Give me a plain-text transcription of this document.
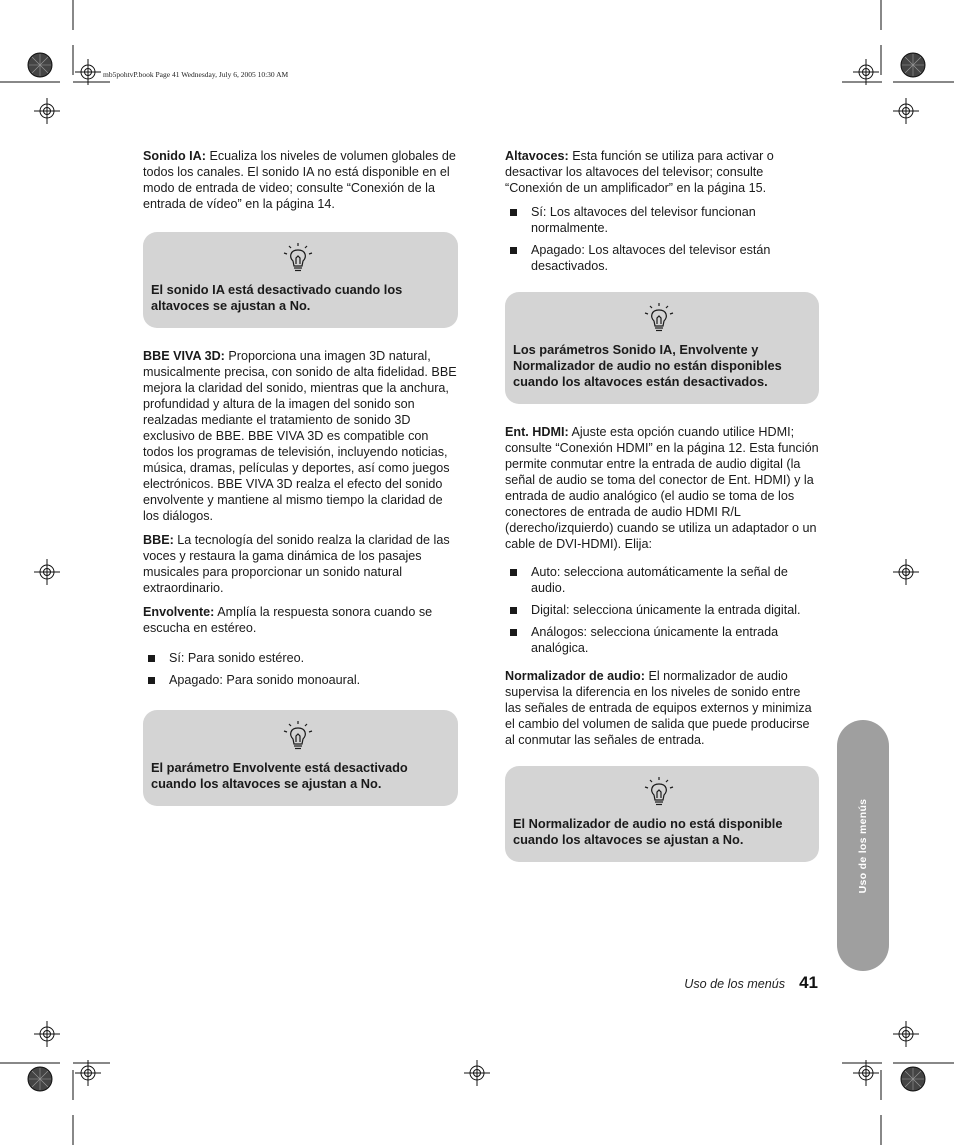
mb5pohtvP.book Page 41 Wednesday, July 6, 2005 10:30 AM

Sonido IA: Ecualiza los niveles de volumen globales de todos los canales. El sonido IA no está disponible en el modo de entrada de video; consulte “Conexión de la entrada de vídeo” en la página 14.

El sonido IA está desactivado cuando los altavoces se ajustan a No.

BBE VIVA 3D: Proporciona una imagen 3D natural, musicalmente precisa, con sonido de alta fidelidad. BBE mejora la claridad del sonido, mientras que la anchura, profundidad y altura de la imagen del sonido son realzadas mediante el tratamiento de sonido 3D exclusivo de BBE. BBE VIVA 3D es compatible con todos los programas de televisión, incluyendo noticias, música, dramas, películas y deportes, así como juegos electrónicos. BBE VIVA 3D realza el efecto del sonido envolvente y mantiene al mismo tiempo la claridad de los diálogos.

BBE: La tecnología del sonido realza la claridad de las voces y restaura la gama dinámica de los pasajes musicales para proporcionar un sonido natural extraordinario.

Envolvente: Amplía la respuesta sonora cuando se escucha en estéreo.

Sí: Para sonido estéreo.
Apagado: Para sonido monoaural.

El parámetro Envolvente está desactivado cuando los altavoces se ajustan a No.

Altavoces: Esta función se utiliza para activar o desactivar los altavoces del televisor; consulte “Conexión de un amplificador” en la página 15.

Sí: Los altavoces del televisor funcionan normalmente.
Apagado: Los altavoces del televisor están desactivados.

Los parámetros Sonido IA, Envolvente y Normalizador de audio no están disponibles cuando los altavoces están desactivados.

Ent. HDMI: Ajuste esta opción cuando utilice HDMI; consulte “Conexión HDMI” en la página 12. Esta función permite conmutar entre la entrada de audio digital (la señal de audio se toma del conector de Ent. HDMI) y la entrada de audio analógico (el audio se toma de los conectores de entrada de audio HDMI R/L (derecho/izquierdo) cuando se utiliza un adaptador o un cable de DVI-HDMI). Elija:

Auto: selecciona automáticamente la señal de audio.
Digital: selecciona únicamente la entrada digital.
Análogos: selecciona únicamente la entrada analógica.

Normalizador de audio: El normalizador de audio supervisa la diferencia en los niveles de sonido entre las señales de entrada de equipos externos y minimiza el cambio del volumen de salida que puede producirse al conmutar las señales de entrada.

El Normalizador de audio no está disponible cuando los altavoces se ajustan a No.	Uso de los menús
Uso de los menús 41
